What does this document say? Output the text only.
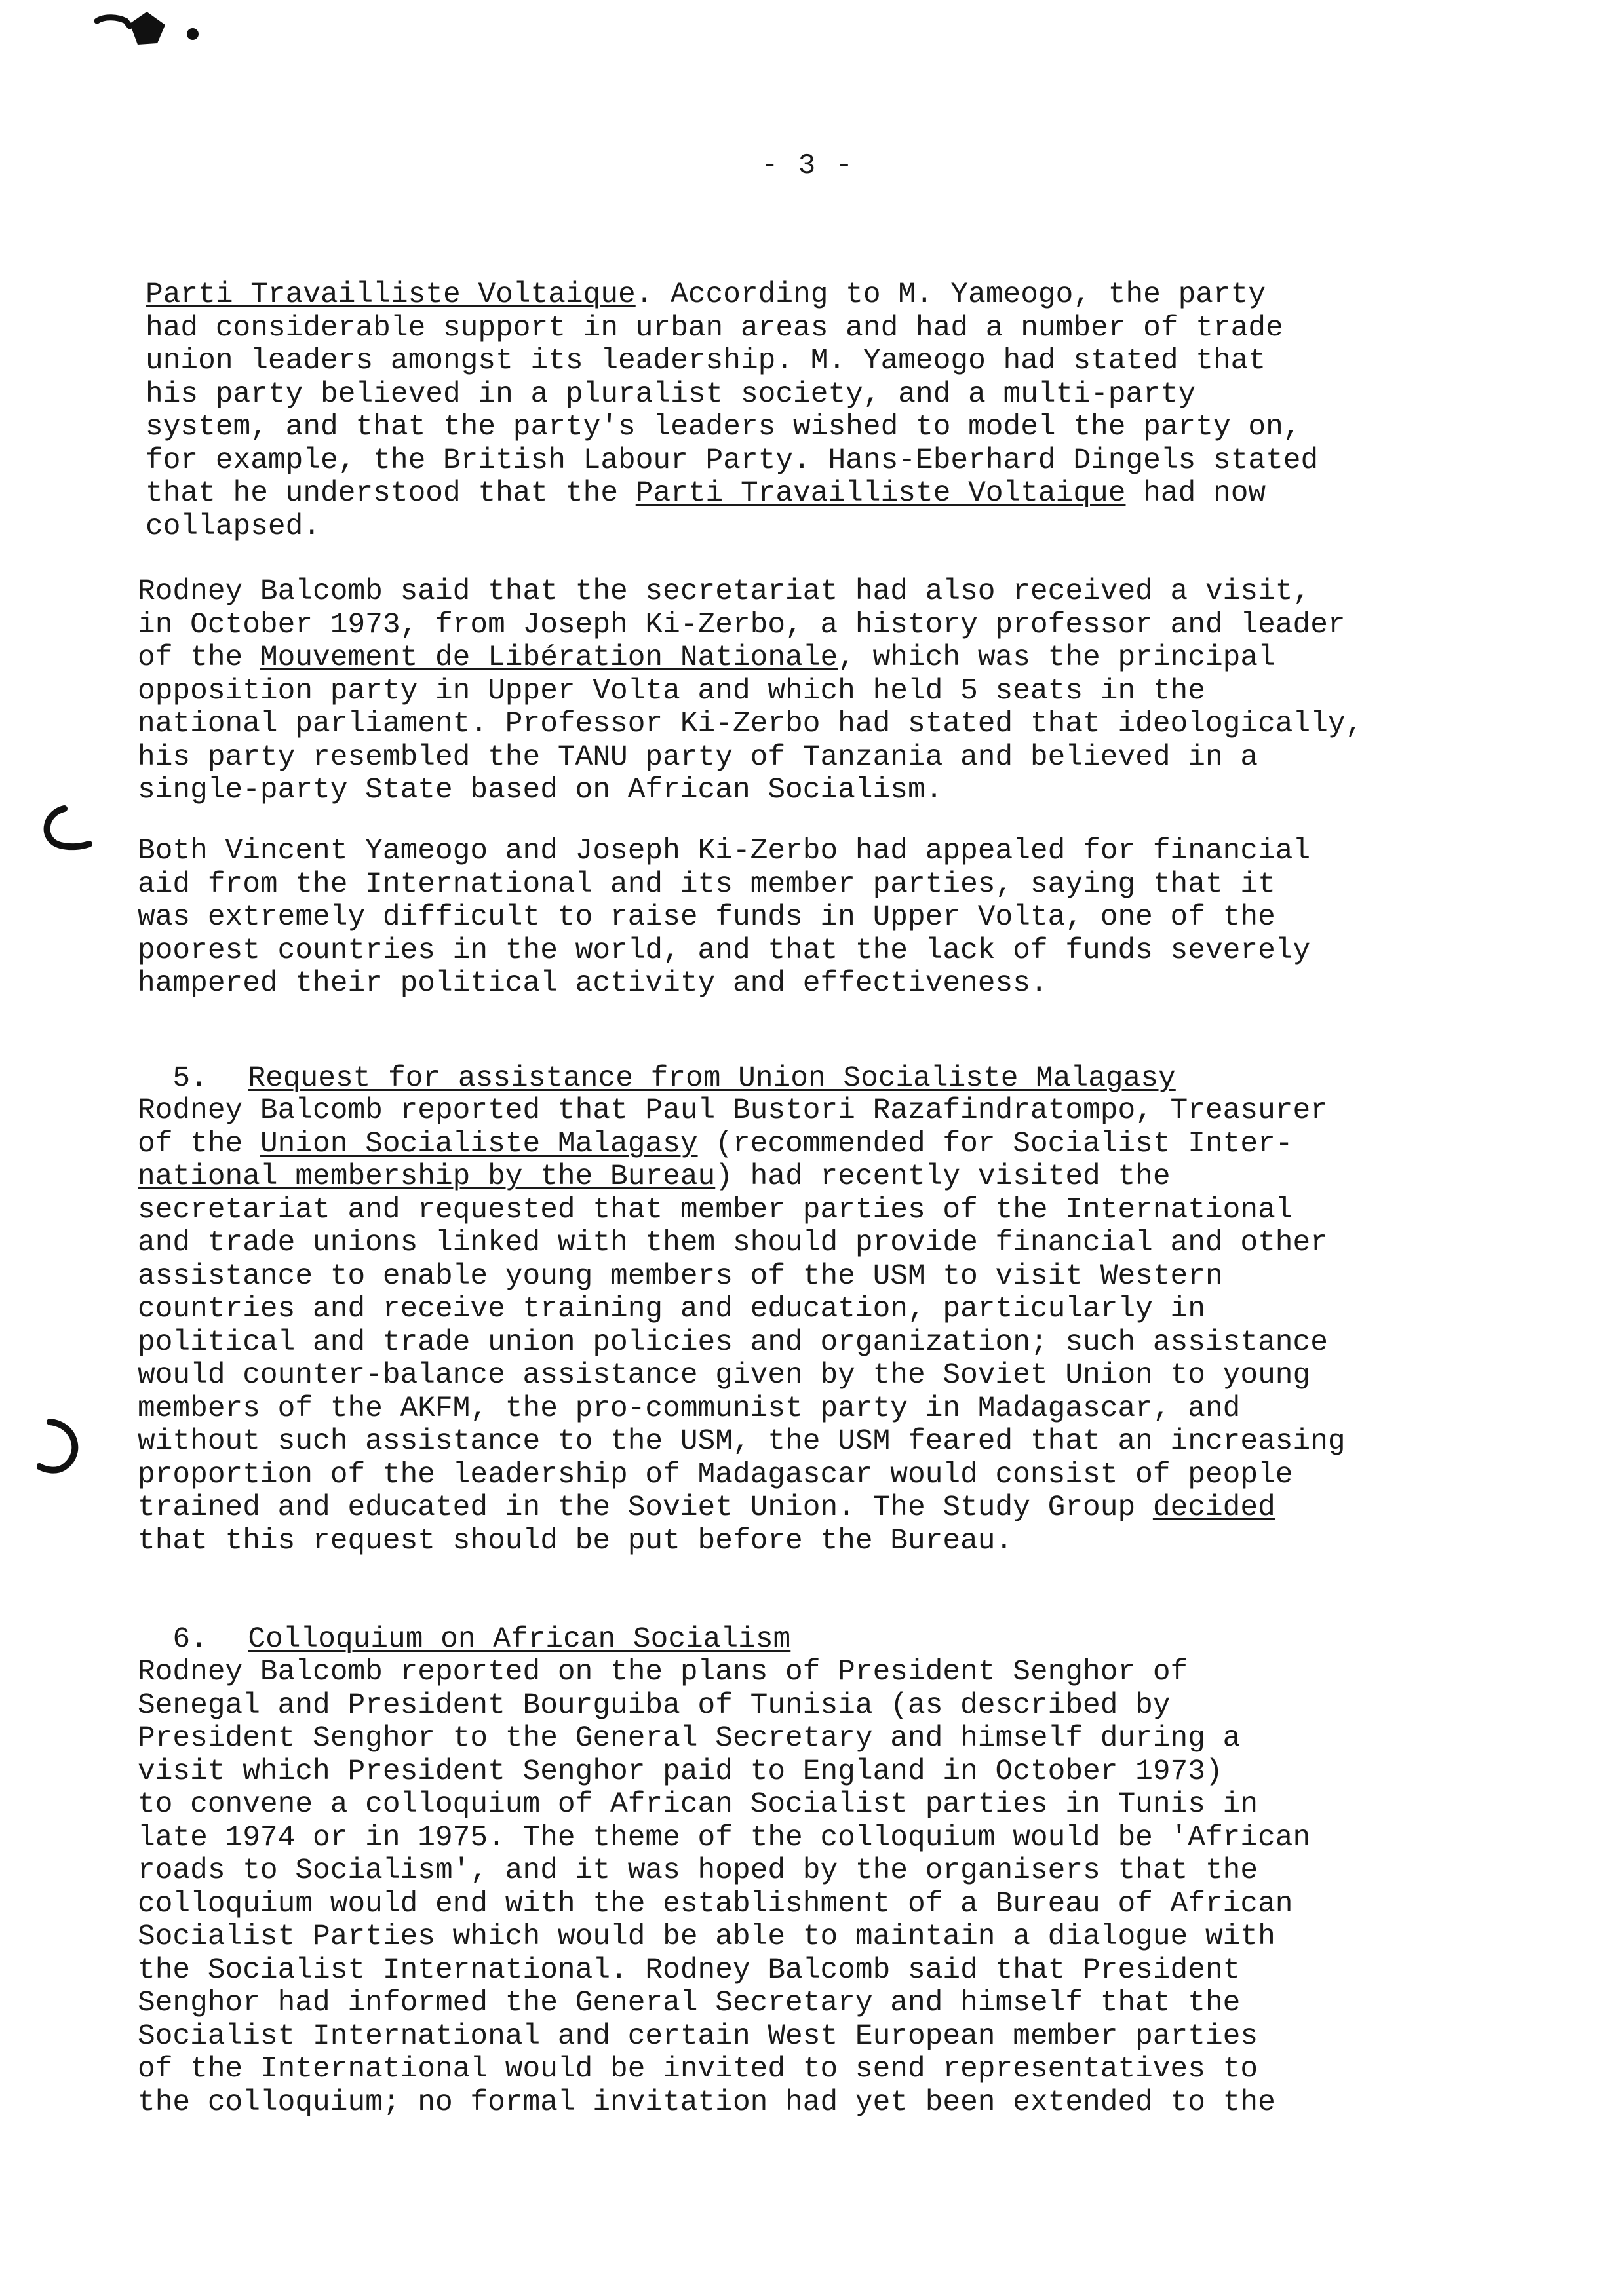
- 3 -
Parti Travailliste Voltaique. According to M. Yameogo, the party
had considerable support in urban areas and had a number of trade
union leaders amongst its leadership. M. Yameogo had stated that
his party believed in a pluralist society, and a multi-party
system, and that the party's leaders wished to model the party on,
for example, the British Labour Party. Hans-Eberhard Dingels stated
that he understood that the Parti Travailliste Voltaique had now
collapsed.
Rodney Balcomb said that the secretariat had also received a visit,
in October 1973, from Joseph Ki-Zerbo, a history professor and leader
of the Mouvement de Libération Nationale, which was the principal
opposition party in Upper Volta and which held 5 seats in the
national parliament. Professor Ki-Zerbo had stated that ideologically,
his party resembled the TANU party of Tanzania and believed in a
single-party State based on African Socialism.
Both Vincent Yameogo and Joseph Ki-Zerbo had appealed for financial
aid from the International and its member parties, saying that it
was extremely difficult to raise funds in Upper Volta, one of the
poorest countries in the world, and that the lack of funds severely
hampered their political activity and effectiveness.

5. Request for assistance from Union Socialiste Malagasy

Rodney Balcomb reported that Paul Bustori Razafindratompo, Treasurer
of the Union Socialiste Malagasy (recommended for Socialist Inter-
national membership by the Bureau) had recently visited the
secretariat and requested that member parties of the International
and trade unions linked with them should provide financial and other
assistance to enable young members of the USM to visit Western
countries and receive training and education, particularly in
political and trade union policies and organization; such assistance
would counter-balance assistance given by the Soviet Union to young
members of the AKFM, the pro-communist party in Madagascar, and
without such assistance to the USM, the USM feared that an increasing
proportion of the leadership of Madagascar would consist of people
trained and educated in the Soviet Union. The Study Group decided
that this request should be put before the Bureau.

6. Colloquium on African Socialism

Rodney Balcomb reported on the plans of President Senghor of
Senegal and President Bourguiba of Tunisia (as described by
President Senghor to the General Secretary and himself during a
visit which President Senghor paid to England in October 1973)
to convene a colloquium of African Socialist parties in Tunis in
late 1974 or in 1975. The theme of the colloquium would be 'African
roads to Socialism', and it was hoped by the organisers that the
colloquium would end with the establishment of a Bureau of African
Socialist Parties which would be able to maintain a dialogue with
the Socialist International. Rodney Balcomb said that President
Senghor had informed the General Secretary and himself that the
Socialist International and certain West European member parties
of the International would be invited to send representatives to
the colloquium; no formal invitation had yet been extended to the
